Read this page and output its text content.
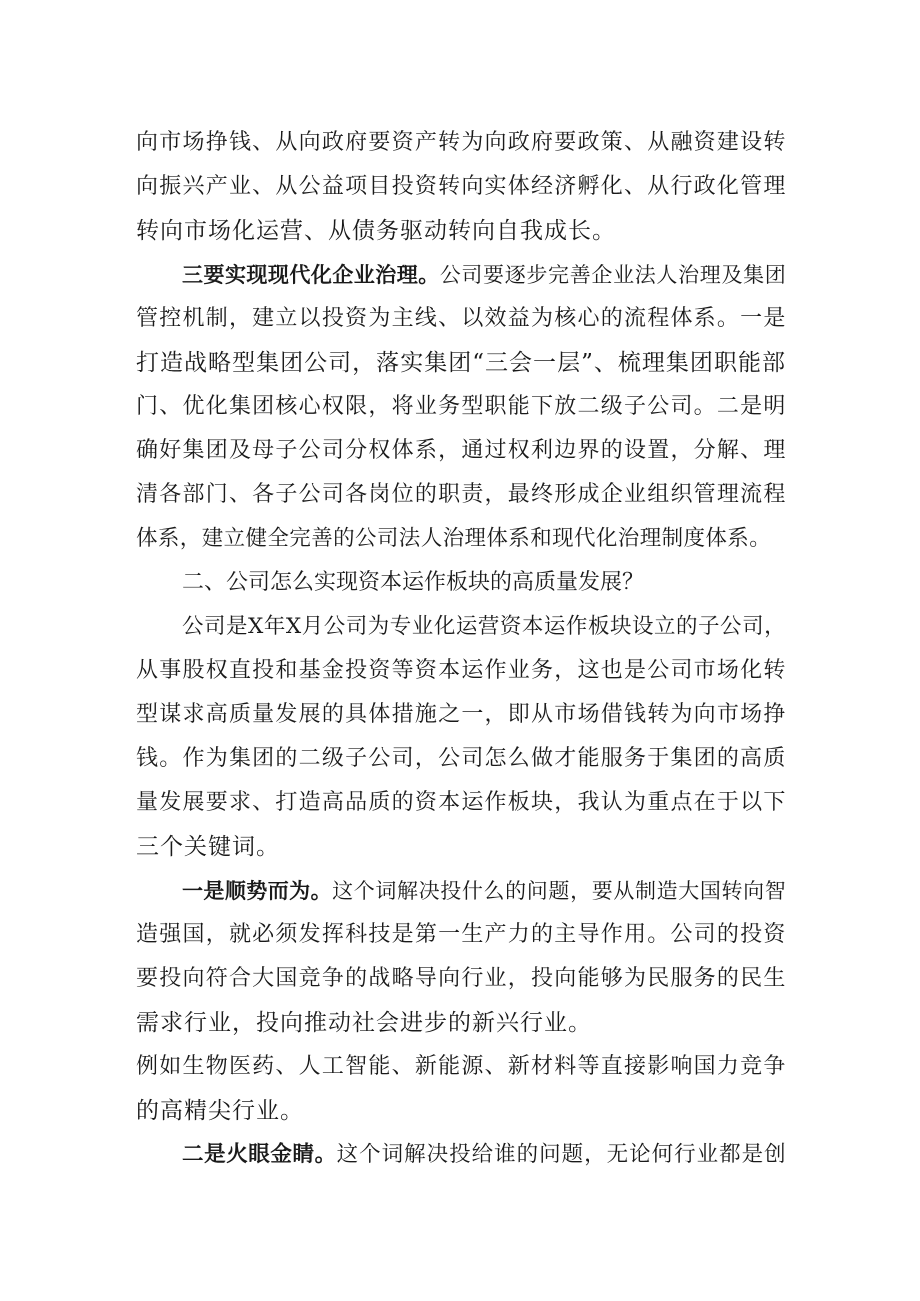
向市场挣钱、从向政府要资产转为向政府要政策、从融资建设转
向振兴产业、从公益项目投资转向实体经济孵化、从行政化管理
转向市场化运营、从债务驱动转向自我成长。
三要实现现代化企业治理。公司要逐步完善企业法人治理及集团
管控机制，建立以投资为主线、以效益为核心的流程体系。一是
打造战略型集团公司，落实集团“三会一层”、梳理集团职能部
门、优化集团核心权限，将业务型职能下放二级子公司。二是明
确好集团及母子公司分权体系，通过权利边界的设置，分解、理
清各部门、各子公司各岗位的职责，最终形成企业组织管理流程
体系，建立健全完善的公司法人治理体系和现代化治理制度体系。
二、公司怎么实现资本运作板块的高质量发展？
公司是X年X月公司为专业化运营资本运作板块设立的子公司，
从事股权直投和基金投资等资本运作业务，这也是公司市场化转
型谋求高质量发展的具体措施之一，即从市场借钱转为向市场挣
钱。作为集团的二级子公司，公司怎么做才能服务于集团的高质
量发展要求、打造高品质的资本运作板块，我认为重点在于以下
三个关键词。
一是顺势而为。这个词解决投什么的问题，要从制造大国转向智
造强国，就必须发挥科技是第一生产力的主导作用。公司的投资
要投向符合大国竞争的战略导向行业，投向能够为民服务的民生
需求行业，投向推动社会进步的新兴行业。
例如生物医药、人工智能、新能源、新材料等直接影响国力竞争
的高精尖行业。
二是火眼金睛。这个词解决投给谁的问题，无论何行业都是创
